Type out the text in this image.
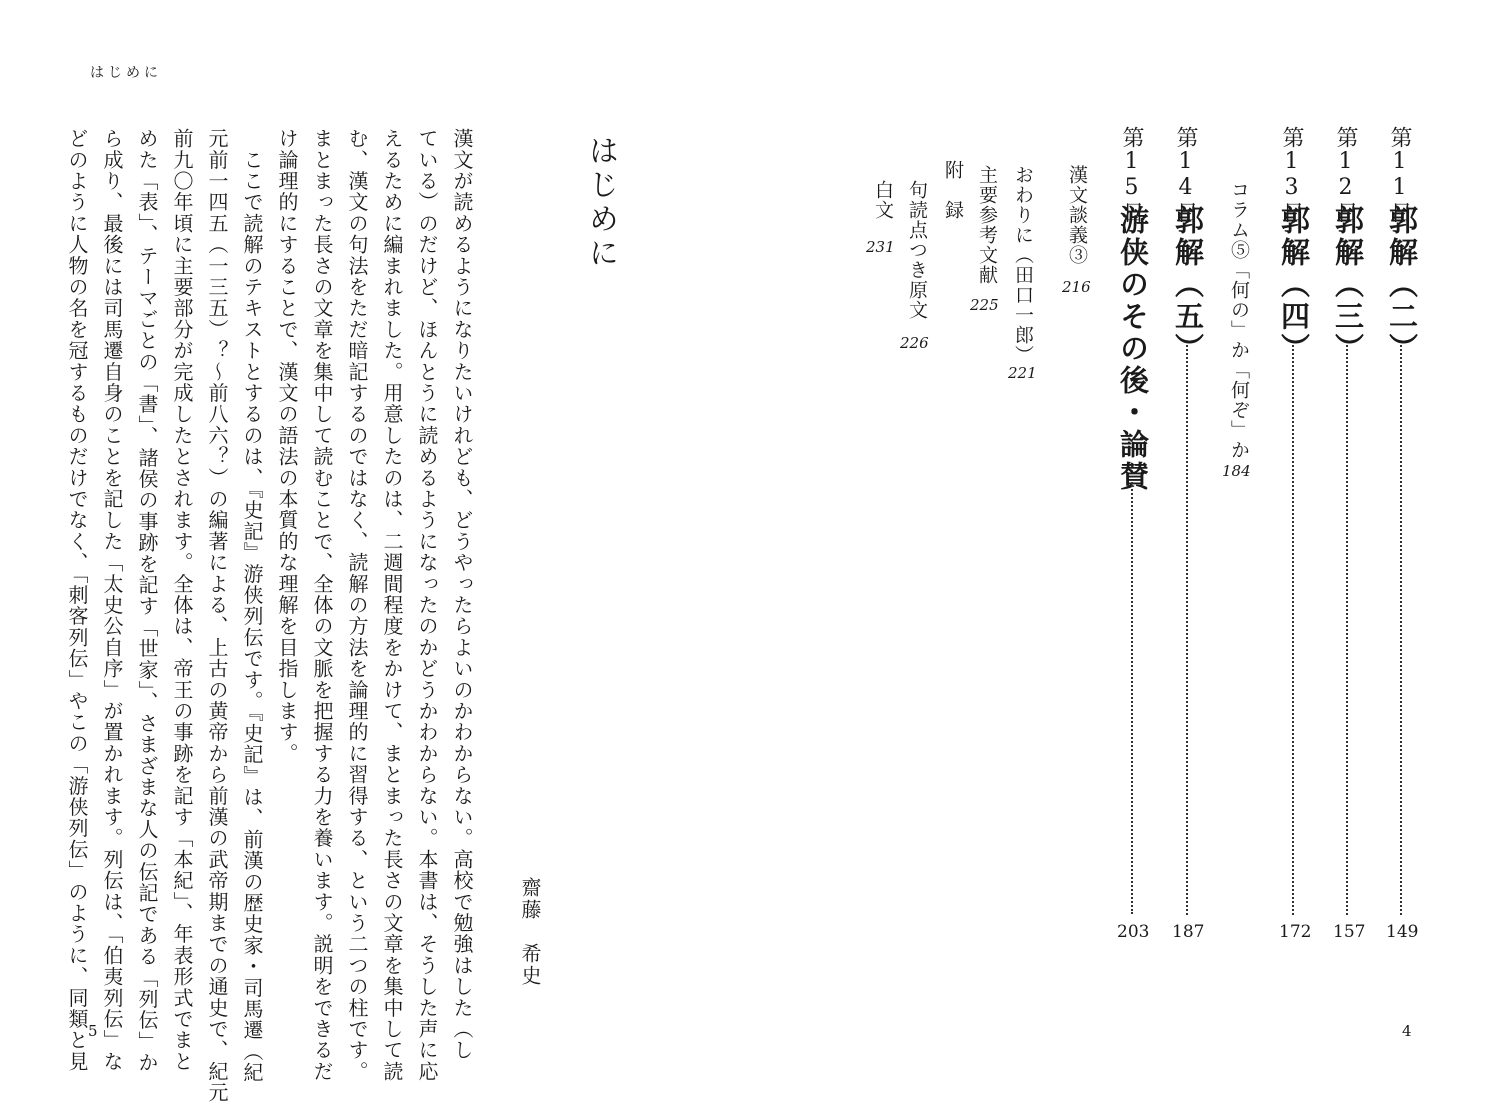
はじめに
5	4
第11日
郭解（二）
149
第12日
郭解（三）
157
第13日
郭解（四）
172
コラム⑤「何の」か「何ぞ」か
184
第14日
郭解（五）
187
第15日
游侠のその後・論賛
203
漢文談義③
216
おわりに（田口一郎）
221
主要参考文献
225
附　録
句読点つき原文
226
白文
231
はじめに
齋藤　希史
漢文が読めるようになりたいけれども、どうやったらよいのかわからない。高校で勉強はした（し
ている）のだけど、ほんとうに読めるようになったのかどうかわからない。本書は、そうした声に応
えるために編まれました。用意したのは、二週間程度をかけて、まとまった長さの文章を集中して読
む、漢文の句法をただ暗記するのではなく、読解の方法を論理的に習得する、という二つの柱です。
まとまった長さの文章を集中して読むことで、全体の文脈を把握する力を養います。説明をできるだ
け論理的にすることで、漢文の語法の本質的な理解を目指します。
　ここで読解のテキストとするのは、『史記』游侠列伝です。『史記』は、前漢の歴史家・司馬遷（紀
元前一四五（一三五）？～前八六？）の編著による、上古の黄帝から前漢の武帝期までの通史で、紀元
前九〇年頃に主要部分が完成したとされます。全体は、帝王の事跡を記す「本紀」、年表形式でまと
めた「表」、テーマごとの「書」、諸侯の事跡を記す「世家」、さまざまな人の伝記である「列伝」か
ら成り、最後には司馬遷自身のことを記した「太史公自序」が置かれます。列伝は、「伯夷列伝」な
どのように人物の名を冠するものだけでなく、「刺客列伝」やこの「游侠列伝」のように、同類と見
